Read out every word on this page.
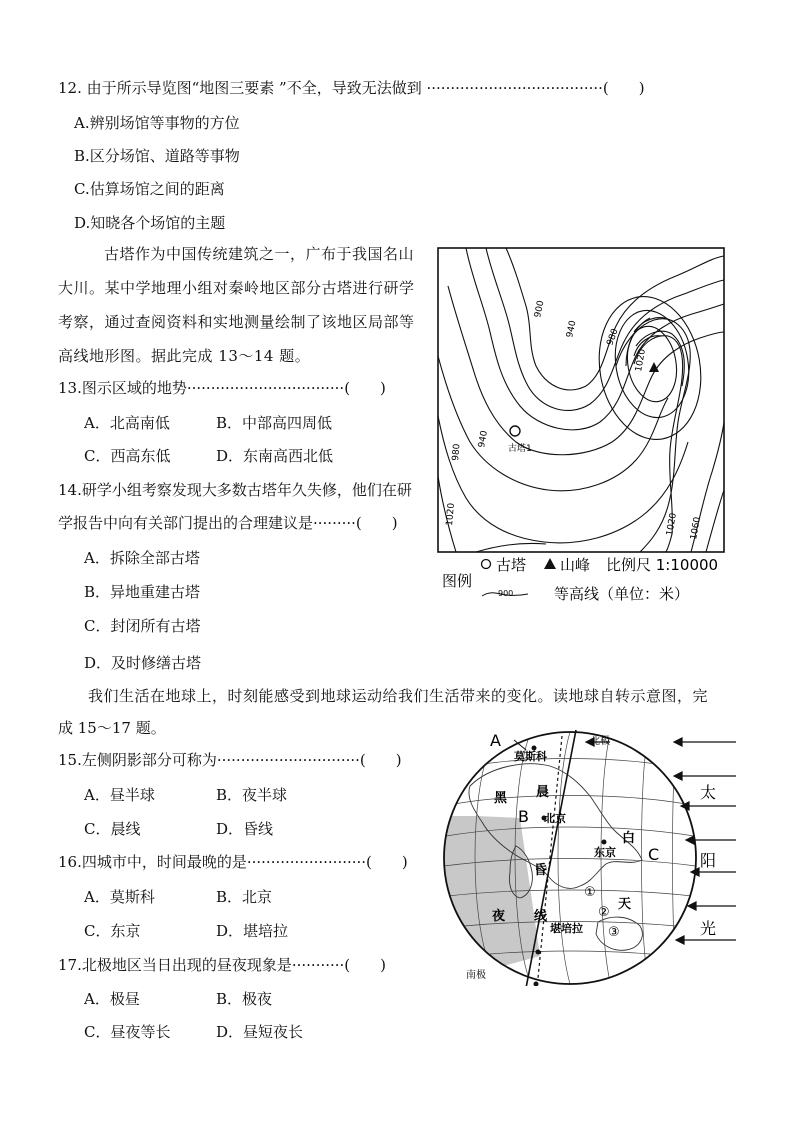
12. 由于所示导览图“地图三要素 ”不全，导致无法做到 ·····································(　　)
A.辨别场馆等事物的方位
B.区分场馆、道路等事物
C.估算场馆之间的距离
D.知晓各个场馆的主题
古塔作为中国传统建筑之一，广布于我国名山
大川。某中学地理小组对秦岭地区部分古塔进行研学
考察，通过查阅资料和实地测量绘制了该地区局部等
高线地形图。据此完成 13～14 题。
13.图示区域的地势·································(　　)
A．北高南低	B．中部高四周低
C．西高东低	D．东南高西北低
14.研学小组考察发现大多数古塔年久失修，他们在研
学报告中向有关部门提出的合理建议是·········(　　)
A．拆除全部古塔
B．异地重建古塔
C．封闭所有古塔
D．及时修缮古塔
古塔1
900
940	980
1020
940
980
1020	1020 1060
古塔 山峰 比例尺 1:10000
图例
900	等高线（单位：米）
我们生活在地球上，时刻能感受到地球运动给我们生活带来的变化。读地球自转示意图，完
成 15～17 题。
15.左侧阴影部分可称为······························(　　)
A．昼半球	B．夜半球
C．晨线	D．昏线
16.四城市中，时间最晚的是·························(　　)
A．莫斯科	B．北京
C．东京	D．堪培拉
17.北极地区当日出现的昼夜现象是···········(　　)
A．极昼	B．极夜
C．昼夜等长	D．昼短夜长
A
B
C
太
阳
光
莫斯科
北京
东京
堪培拉
黑 晨
昏
夜 线
白
天
北极
南极
①
②
③
